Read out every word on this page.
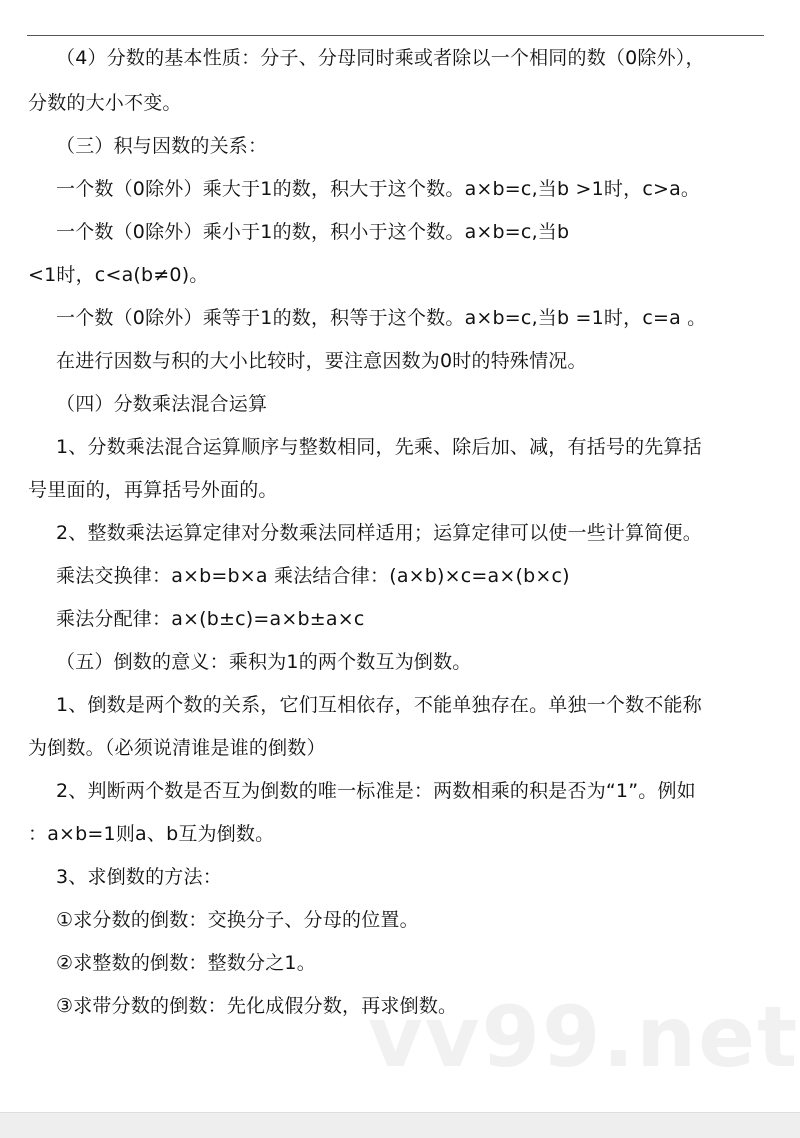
（4）分数的基本性质：分子、分母同时乘或者除以一个相同的数（0除外），
分数的大小不变。
（三）积与因数的关系：
一个数（0除外）乘大于1的数，积大于这个数。a×b=c,当b >1时，c>a。
一个数（0除外）乘小于1的数，积小于这个数。a×b=c,当b
<1时，c<a(b≠0)。
一个数（0除外）乘等于1的数，积等于这个数。a×b=c,当b =1时，c=a 。
在进行因数与积的大小比较时，要注意因数为0时的特殊情况。
（四）分数乘法混合运算
1、分数乘法混合运算顺序与整数相同，先乘、除后加、减，有括号的先算括
号里面的，再算括号外面的。
2、整数乘法运算定律对分数乘法同样适用；运算定律可以使一些计算简便。
乘法交换律：a×b=b×a 乘法结合律：(a×b)×c=a×(b×c)
乘法分配律：a×(b±c)=a×b±a×c
（五）倒数的意义：乘积为1的两个数互为倒数。
1、倒数是两个数的关系，它们互相依存，不能单独存在。单独一个数不能称
为倒数。（必须说清谁是谁的倒数）
2、判断两个数是否互为倒数的唯一标准是：两数相乘的积是否为“1”。例如
：a×b=1则a、b互为倒数。
3、求倒数的方法：
①求分数的倒数：交换分子、分母的位置。
②求整数的倒数：整数分之1。
③求带分数的倒数：先化成假分数，再求倒数。
vv99.net
